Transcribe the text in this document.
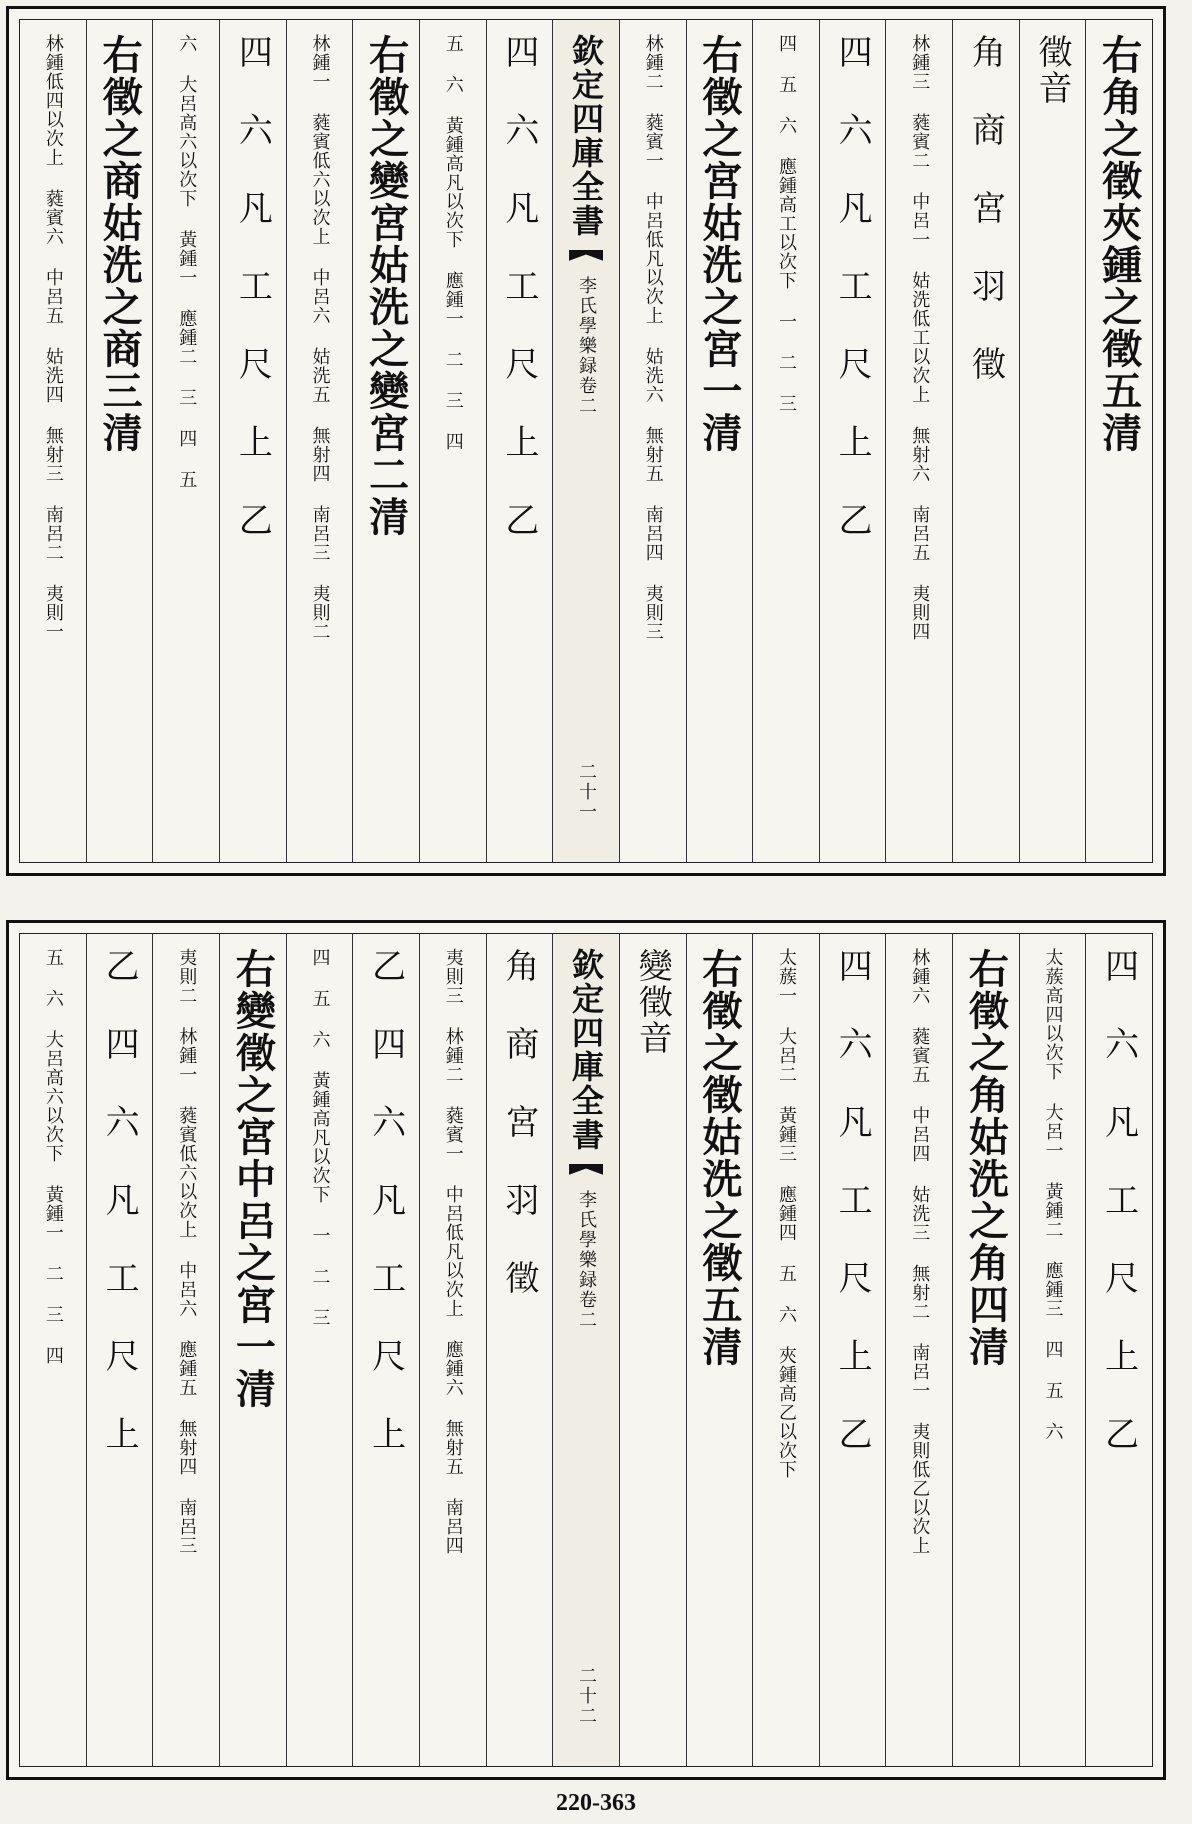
右角之徵夾鍾之徵五清
徵音
角 商 宮 羽 徵
林鍾三 蕤賓二 中呂一 姑洗低工以次上 無射六 南呂五 夷則四
四 六 凡 工 尺 上 乙
四 五 六 應鍾高工以次下 一 二 三
右徵之宮姑洗之宮一清
林鍾二 蕤賓一 中呂低凡以次上 姑洗六 無射五 南呂四 夷則三
欽定四庫全書
李氏學樂録
卷二
二十一
四 六 凡 工 尺 上 乙
五 六 黃鍾高凡以次下 應鍾一 二 三 四
右徵之變宮姑洗之變宮二清
林鍾一 蕤賓低六以次上 中呂六 姑洗五 無射四 南呂三 夷則二
四 六 凡 工 尺 上 乙
六 大呂高六以次下 黃鍾一 應鍾二 三 四 五
右徵之商姑洗之商三清
林鍾低四以次上 蕤賓六 中呂五 姑洗四 無射三 南呂二 夷則一
四 六 凡 工 尺 上 乙
太蔟高四以次下 大呂一 黃鍾二 應鍾三 四 五 六
右徵之角姑洗之角四清
林鍾六 蕤賓五 中呂四 姑洗三 無射二 南呂一 夷則低乙以次上
四 六 凡 工 尺 上 乙
太蔟一 大呂二 黃鍾三 應鍾四 五 六 夾鍾高乙以次下
右徵之徵姑洗之徵五清
變徵音
欽定四庫全書
李氏學樂録
卷二
二十二
角 商 宮 羽 徵
夷則三 林鍾二 蕤賓一 中呂低凡以次上 應鍾六 無射五 南呂四
乙 四 六 凡 工 尺 上
四 五 六 黃鍾高凡以次下 一 二 三
右變徵之宮中呂之宮一清
夷則二 林鍾一 蕤賓低六以次上 中呂六 應鍾五 無射四 南呂三
乙 四 六 凡 工 尺 上
五 六 大呂高六以次下 黃鍾一 二 三 四
220-363
